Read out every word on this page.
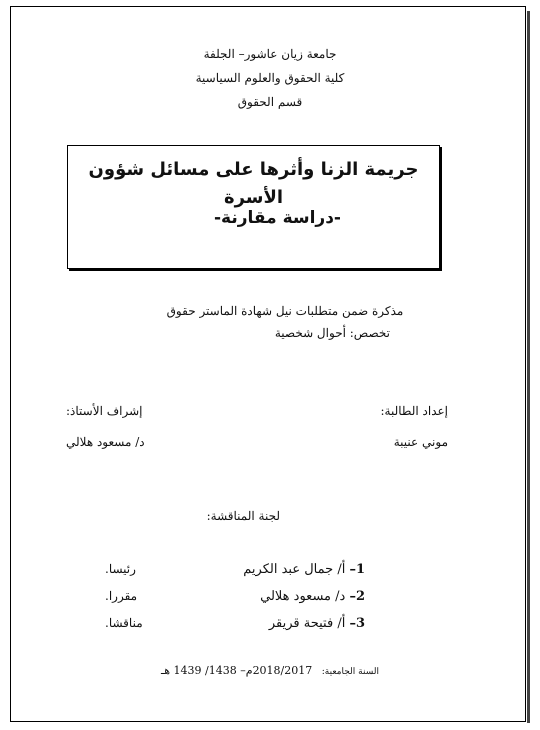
جامعة زيان عاشور– الجلفة
كلية الحقوق والعلوم السياسية
قسم الحقوق
جريمة الزنا وأثرها على مسائل شؤون الأسرة
-دراسة مقارنة-
مذكرة ضمن متطلبات نيل شهادة الماستر حقوق
تخصص: أحوال شخصية
إعداد الطالبة:
موني عنيبة
إشراف الأستاذ:
د/ مسعود هلالي
لجنة المناقشة:
1– أ/ جمال عبد الكريم
رئيسا.
2– د/ مسعود هلالي
مقررا.
3– أ/ فتيحة قريقر
مناقشا.
السنة الجامعية: 2018/2017م– 1438/ 1439 هـ
